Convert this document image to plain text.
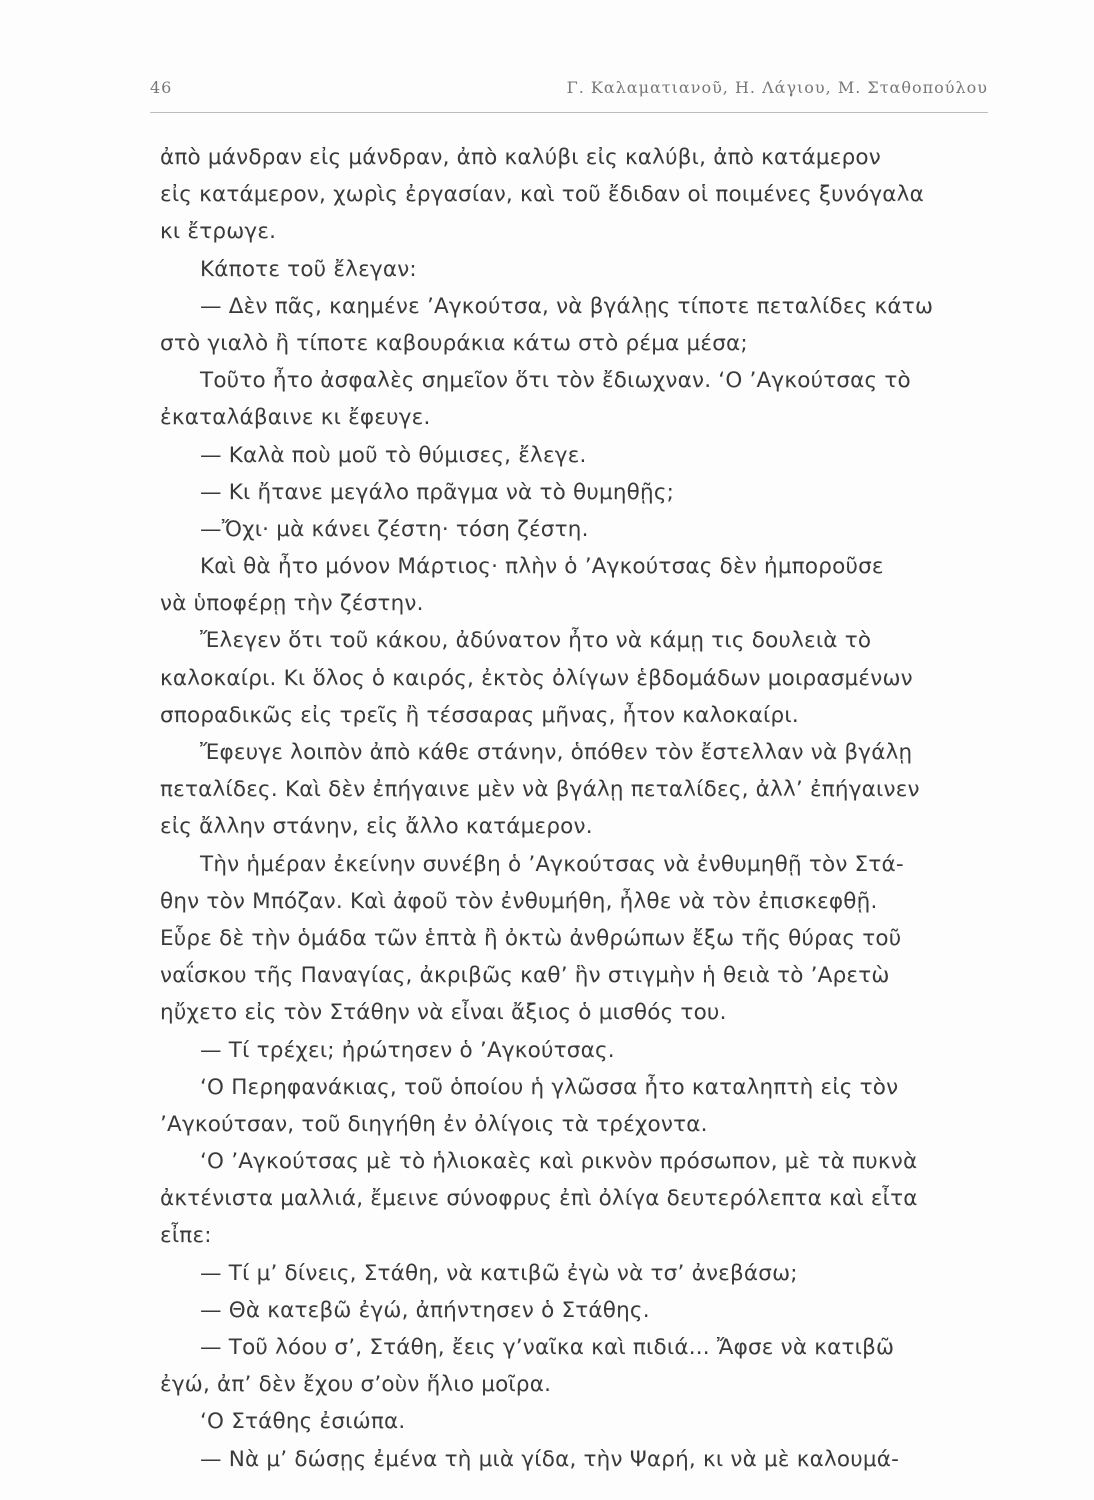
46	Γ. Καλαματιανοῦ, Η. Λάγιου, Μ. Σταθοπούλου
ἀπὸ μάνδραν εἰς μάνδραν, ἀπὸ καλύβι εἰς καλύβι, ἀπὸ κατάμερον
εἰς κατάμερον, χωρὶς ἐργασίαν, καὶ τοῦ ἔδιδαν οἱ ποιμένες ξυνόγαλα
κι ἔτρωγε.
Κάποτε τοῦ ἔλεγαν:
— Δὲν πᾶς, καημένε ’Αγκούτσα, νὰ βγάλῃς τίποτε πεταλίδες κάτω
στὸ γιαλὸ ἢ τίποτε καβουράκια κάτω στὸ ρέμα μέσα;
Τοῦτο ἦτο ἀσφαλὲς σημεῖον ὅτι τὸν ἔδιωχναν. ‘Ο ’Αγκούτσας τὸ
ἐκαταλάβαινε κι ἔφευγε.
— Καλὰ ποὺ μοῦ τὸ θύμισες, ἔλεγε.
— Κι ἤτανε μεγάλο πρᾶγμα νὰ τὸ θυμηθῇς;
—Ὄχι· μὰ κάνει ζέστη· τόση ζέστη.
Καὶ θὰ ἦτο μόνον Μάρτιος· πλὴν ὁ ’Αγκούτσας δὲν ἠμποροῦσε
νὰ ὑποφέρῃ τὴν ζέστην.
Ἔλεγεν ὅτι τοῦ κάκου, ἀδύνατον ἦτο νὰ κάμῃ τις δουλειὰ τὸ
καλοκαίρι. Κι ὅλος ὁ καιρός, ἐκτὸς ὀλίγων ἑβδομάδων μοιρασμένων
σποραδικῶς εἰς τρεῖς ἢ τέσσαρας μῆνας, ἦτον καλοκαίρι.
Ἔφευγε λοιπὸν ἀπὸ κάθε στάνην, ὁπόθεν τὸν ἔστελλαν νὰ βγάλῃ
πεταλίδες. Καὶ δὲν ἐπήγαινε μὲν νὰ βγάλῃ πεταλίδες, ἀλλ’ ἐπήγαινεν
εἰς ἄλλην στάνην, εἰς ἄλλο κατάμερον.
Τὴν ἡμέραν ἐκείνην συνέβη ὁ ’Αγκούτσας νὰ ἐνθυμηθῇ τὸν Στά-
θην τὸν Μπόζαν. Καὶ ἀφοῦ τὸν ἐνθυμήθη, ἦλθε νὰ τὸν ἐπισκεφθῇ.
Εὗρε δὲ τὴν ὁμάδα τῶν ἑπτὰ ἢ ὀκτὼ ἀνθρώπων ἔξω τῆς θύρας τοῦ
ναΐσκου τῆς Παναγίας, ἀκριβῶς καθ’ ἣν στιγμὴν ἡ θειὰ τὸ ’Αρετὼ
ηὔχετο εἰς τὸν Στάθην νὰ εἶναι ἄξιος ὁ μισθός του.
— Τί τρέχει; ἠρώτησεν ὁ ’Αγκούτσας.
‘Ο Περηφανάκιας, τοῦ ὁποίου ἡ γλῶσσα ἦτο καταληπτὴ εἰς τὸν
’Αγκούτσαν, τοῦ διηγήθη ἐν ὀλίγοις τὰ τρέχοντα.
‘Ο ’Αγκούτσας μὲ τὸ ἡλιοκαὲς καὶ ρικνὸν πρόσωπον, μὲ τὰ πυκνὰ
ἀκτένιστα μαλλιά, ἔμεινε σύνοφρυς ἐπὶ ὀλίγα δευτερόλεπτα καὶ εἶτα
εἶπε:
— Τί μ’ δίνεις, Στάθη, νὰ κατιβῶ ἐγὼ νὰ τσ’ ἀνεβάσω;
— Θὰ κατεβῶ ἐγώ, ἀπήντησεν ὁ Στάθης.
— Τοῦ λόου σ’, Στάθη, ἔεις γ’ναῖκα καὶ πιδιά... Ἄφσε νὰ κατιβῶ
ἐγώ, ἀπ’ δὲν ἔχου σ’οὺν ἥλιο μοῖρα.
‘Ο Στάθης ἐσιώπα.
— Νὰ μ’ δώσῃς ἐμένα τὴ μιὰ γίδα, τὴν Ψαρή, κι νὰ μὲ καλουμά-
